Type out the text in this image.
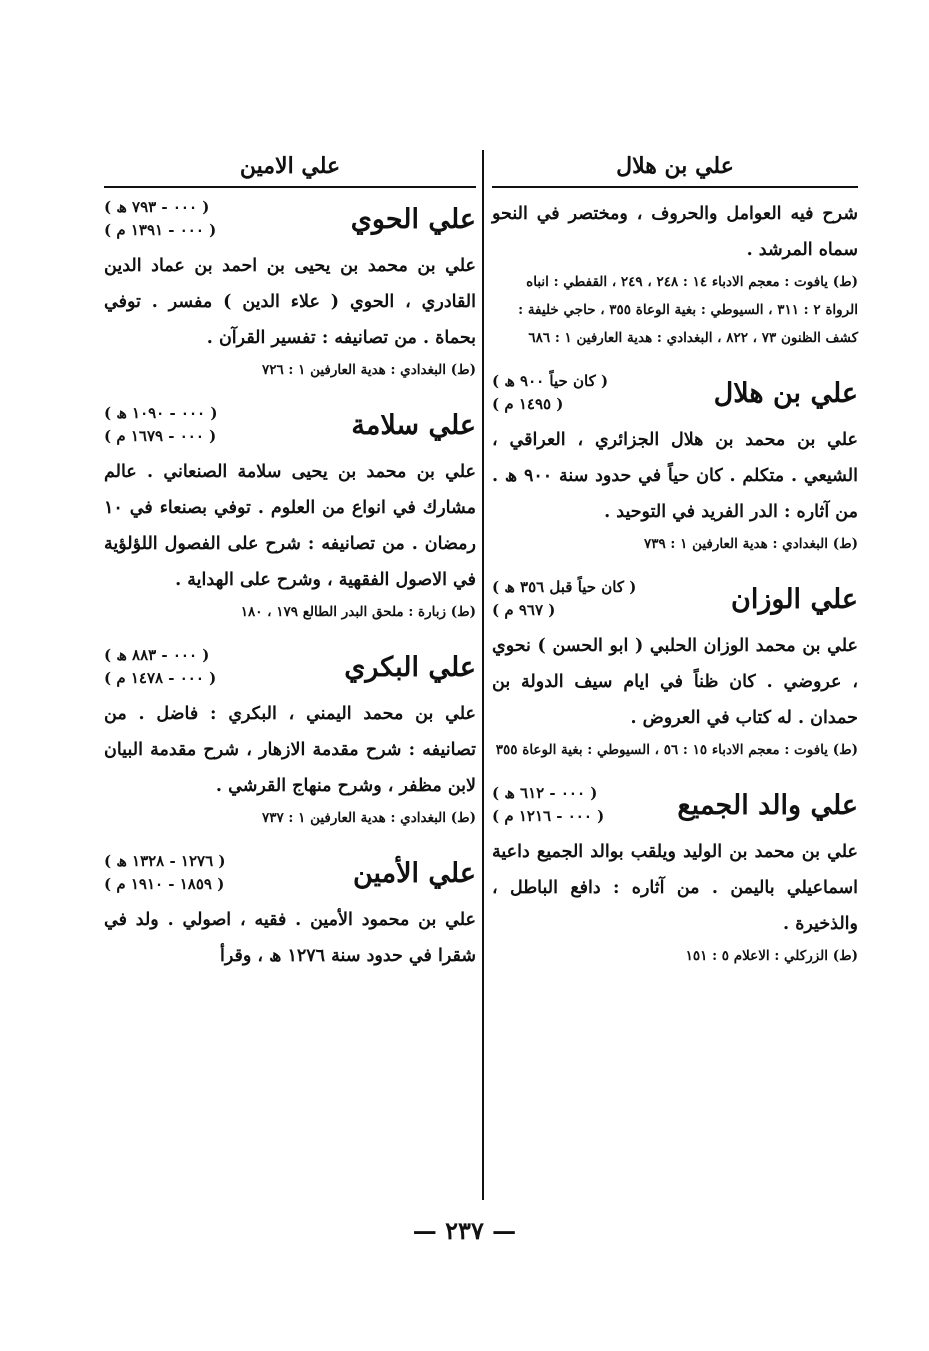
علي بن هلال

شرح فيه العوامل والحروف ، ومختصر في النحو سماه المرشد .

(ط) يافوت : معجم الادباء ١٤ : ٢٤٨ ، ٢٤٩ ، القفطي : انباه الرواة ٢ : ٣١١ ، السيوطي : بغية الوعاة ٣٥٥ ، حاجي خليفة : كشف الظنون ٧٣ ، ٨٢٢ ، البغدادي : هدية العارفين ١ : ٦٨٦

علي بن هلال
( كان حياً ٩٠٠ ھ )
( ١٤٩٥ م )

علي بن محمد بن هلال الجزائري ، العراقي ، الشيعي . متكلم . كان حياً في حدود سنة ٩٠٠ ھ . من آثاره : الدر الفريد في التوحيد .

(ط) البغدادي : هدية العارفين ١ : ٧٣٩

علي الوزان
( كان حياً قبل ٣٥٦ ھ )
( ٩٦٧ م )

علي بن محمد الوزان الحلبي ( ابو الحسن ) نحوي ، عروضي . كان ظناً في ايام سيف الدولة بن حمدان . له كتاب في العروض .

(ط) يافوت : معجم الادباء ١٥ : ٥٦ ، السيوطي : بغية الوعاة ٣٥٥

علي والد الجميع
( ٠٠٠ - ٦١٢ ھ )
( ٠٠٠ - ١٢١٦ م )

علي بن محمد بن الوليد ويلقب بوالد الجميع داعية اسماعيلي باليمن . من آثاره : دافع الباطل ، والذخيرة .

(ط) الزركلي : الاعلام ٥ : ١٥١

علي الامين
علي الحوي
( ٠٠٠ - ٧٩٣ ھ )
( ٠٠٠ - ١٣٩١ م )

علي بن محمد بن يحيى بن احمد بن عماد الدين القادري ، الحوي ( علاء الدين ) مفسر . توفي بحماة . من تصانيفه : تفسير القرآن .

(ط) البغدادي : هدية العارفين ١ : ٧٢٦

علي سلامة
( ٠٠٠ - ١٠٩٠ ھ )
( ٠٠٠ - ١٦٧٩ م )

علي بن محمد بن يحيى سلامة الصنعاني . عالم مشارك في انواع من العلوم . توفي بصنعاء في ١٠ رمضان . من تصانيفه : شرح على الفصول اللؤلؤية في الاصول الفقهية ، وشرح على الهداية .

(ط) زبارة : ملحق البدر الطالع ١٧٩ ، ١٨٠

علي البكري
( ٠٠٠ - ٨٨٣ ھ )
( ٠٠٠ - ١٤٧٨ م )

علي بن محمد اليمني ، البكري : فاضل . من تصانيفه : شرح مقدمة الازهار ، شرح مقدمة البيان لابن مظفر ، وشرح منهاج القرشي .

(ط) البغدادي : هدية العارفين ١ : ٧٣٧

علي الأمين
( ١٢٧٦ - ١٣٢٨ ھ )
( ١٨٥٩ - ١٩١٠ م )

علي بن محمود الأمين . فقيه ، اصولي . ولد في شقرا في حدود سنة ١٢٧٦ ھ ، وقرأ

— ٢٣٧ —
